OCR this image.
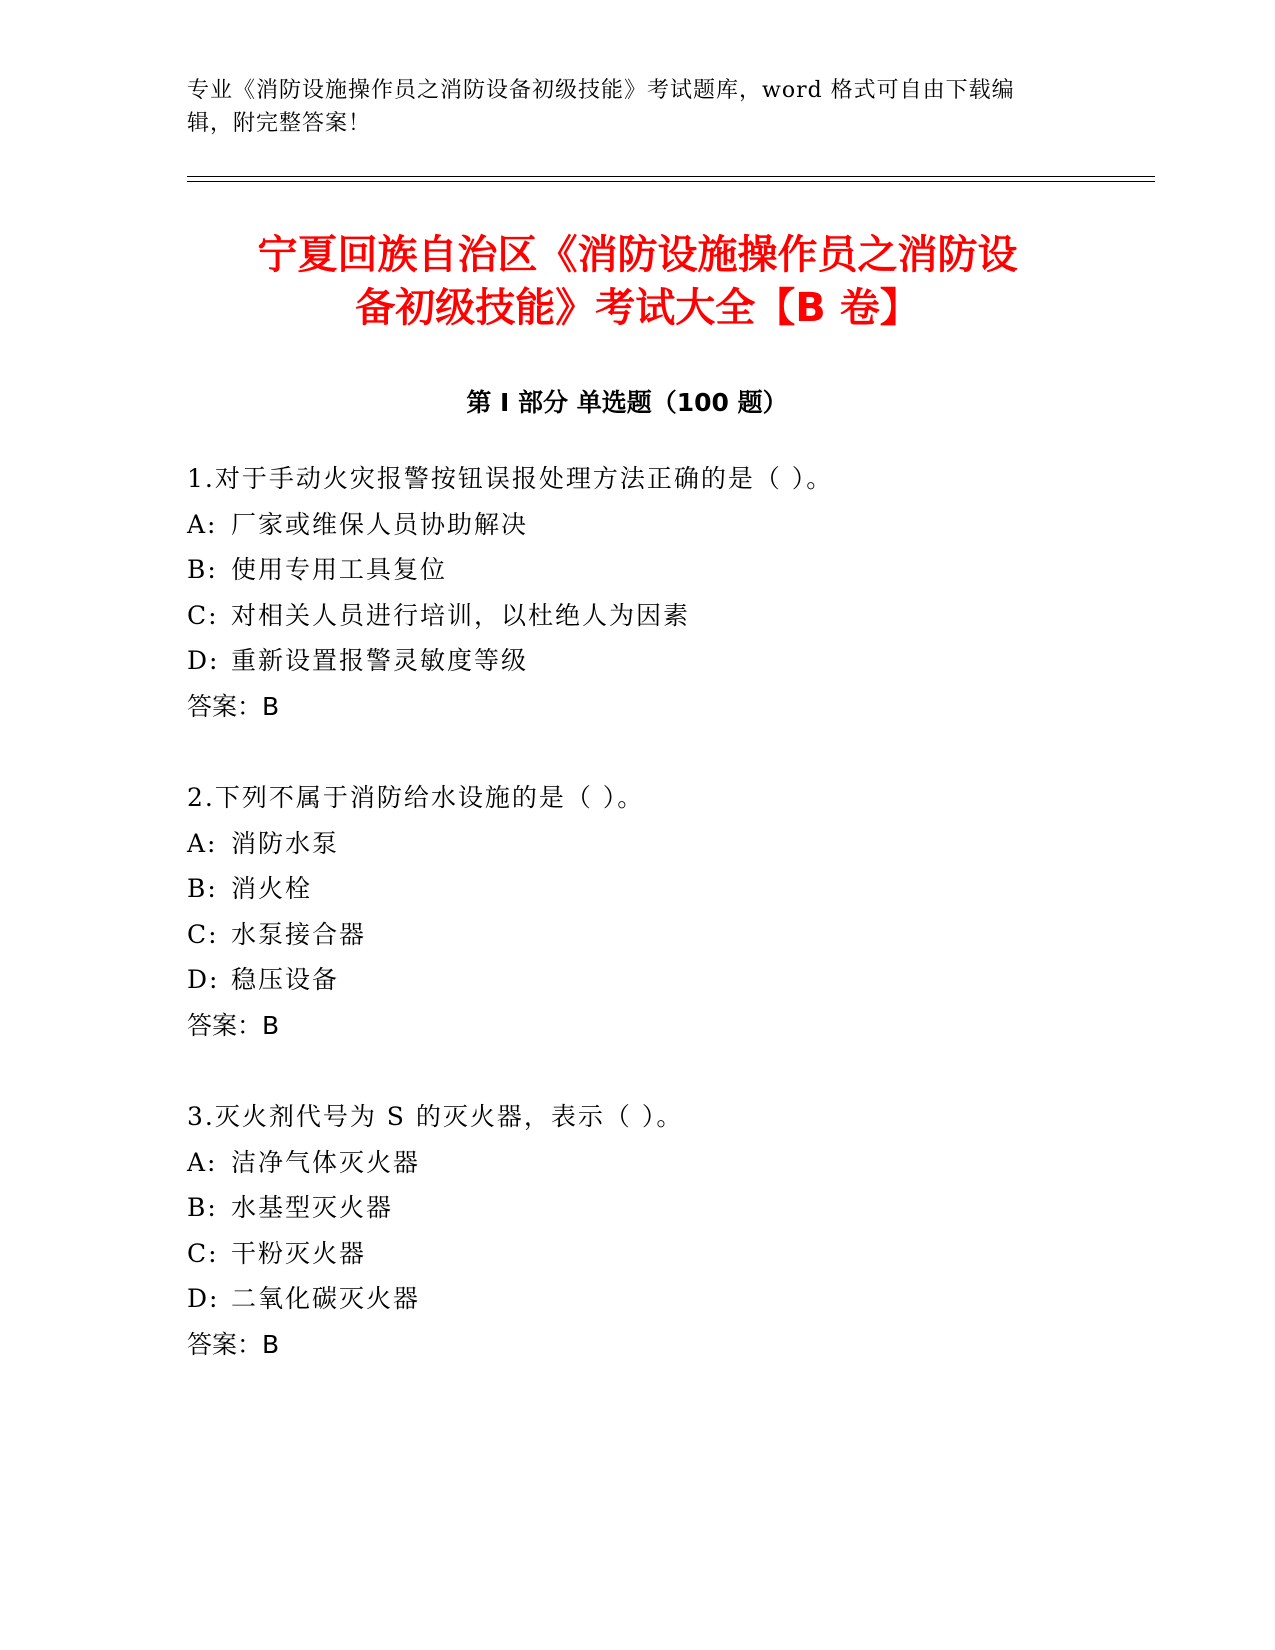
专业《消防设施操作员之消防设备初级技能》考试题库，word 格式可自由下载编
辑，附完整答案！
宁夏回族自治区《消防设施操作员之消防设
备初级技能》考试大全【B 卷】
第 I 部分 单选题（100 题）
1.对于手动火灾报警按钮误报处理方法正确的是（ ）。
A: 厂家或维保人员协助解决
B: 使用专用工具复位
C: 对相关人员进行培训，以杜绝人为因素
D: 重新设置报警灵敏度等级
答案：B
2.下列不属于消防给水设施的是（ ）。
A: 消防水泵
B: 消火栓
C: 水泵接合器
D: 稳压设备
答案：B
3.灭火剂代号为 S 的灭火器，表示（ ）。
A: 洁净气体灭火器
B: 水基型灭火器
C: 干粉灭火器
D: 二氧化碳灭火器
答案：B
